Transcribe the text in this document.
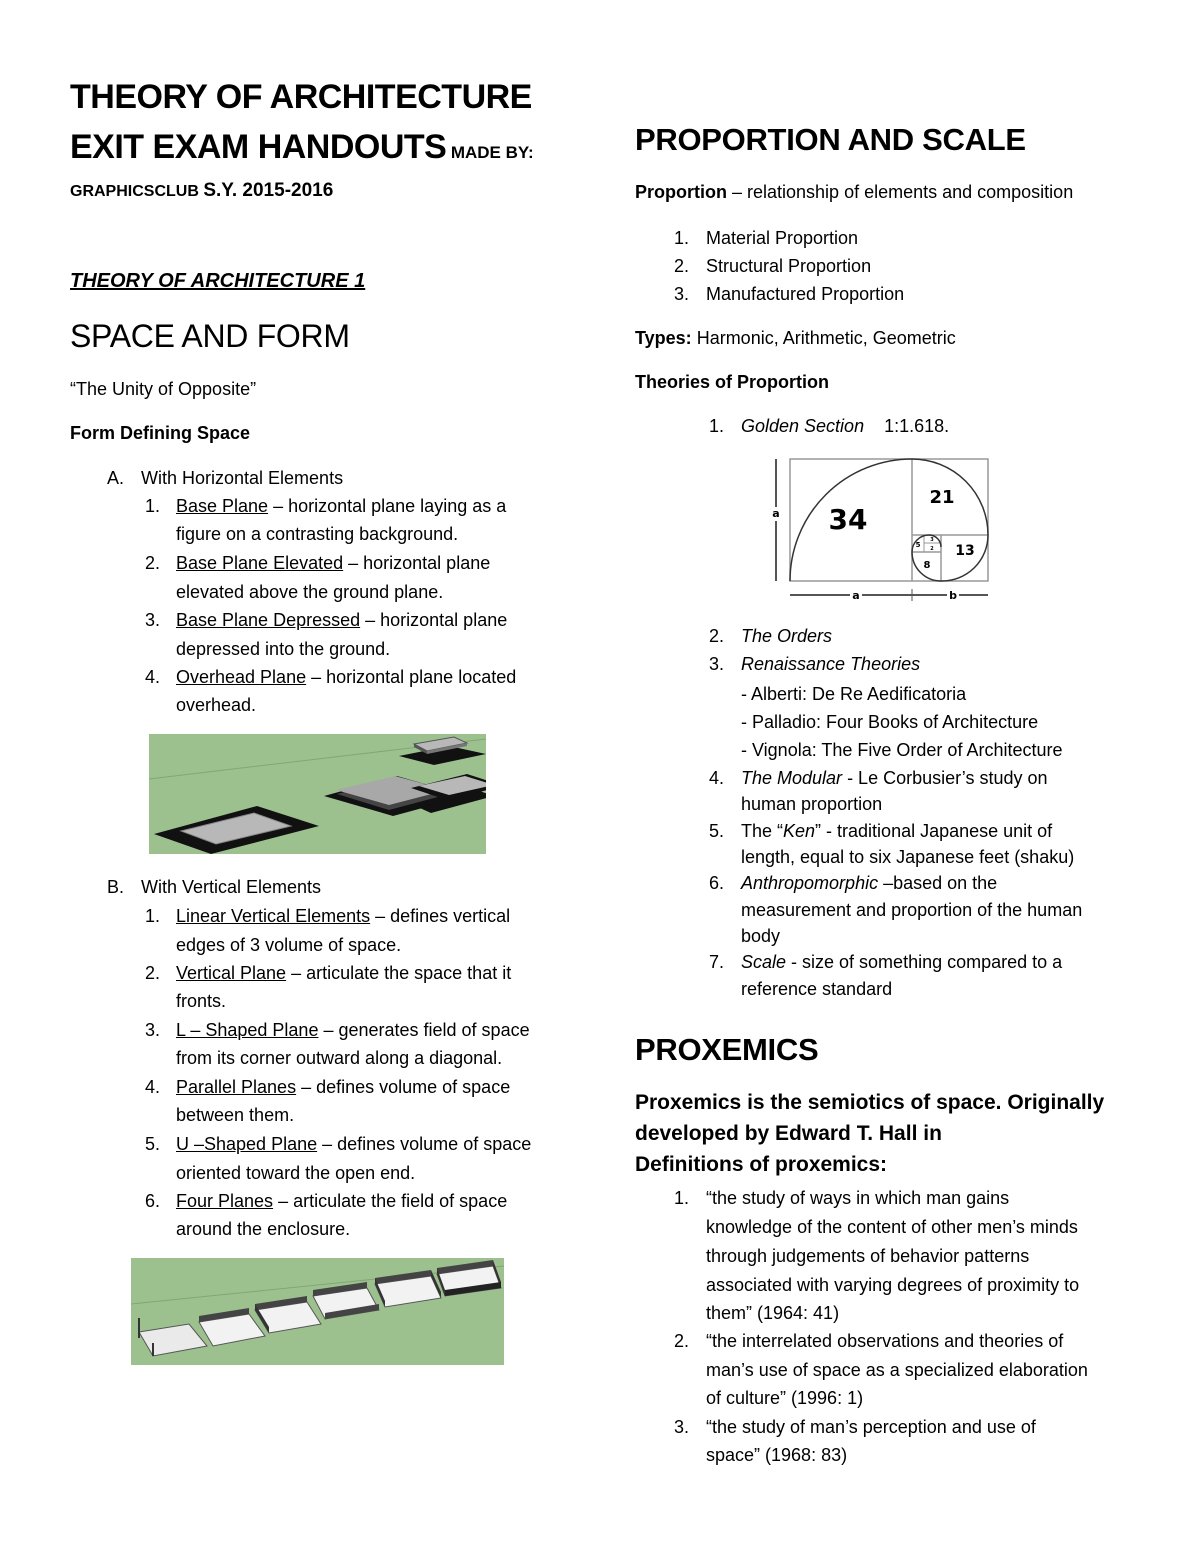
THEORY OF ARCHITECTURE
EXIT EXAM HANDOUTS MADE BY:
GRAPHICSCLUB S.Y. 2015-2016
THEORY OF ARCHITECTURE 1
SPACE AND FORM
“The Unity of Opposite”
Form Defining Space
A. With Horizontal Elements
1. Base Plane – horizontal plane laying as a
figure on a contrasting background.
2. Base Plane Elevated – horizontal plane
elevated above the ground plane.
3. Base Plane Depressed – horizontal plane
depressed into the ground.
4. Overhead Plane – horizontal plane located
overhead.
B. With Vertical Elements
1. Linear Vertical Elements – defines vertical
edges of 3 volume of space.
2. Vertical Plane – articulate the space that it
fronts.
3. L – Shaped Plane – generates field of space
from its corner outward along a diagonal.
4. Parallel Planes – defines volume of space
between them.
5. U –Shaped Plane – defines volume of space
oriented toward the open end.
6. Four Planes – articulate the field of space
around the enclosure.
PROPORTION AND SCALE
Proportion – relationship of elements and composition
1. Material Proportion
2. Structural Proportion
3. Manufactured Proportion
Types: Harmonic, Arithmetic, Geometric
Theories of Proportion
1. Golden Section 1:1.618.
34
21
13
8
5
3
2
a
a	b
2. The Orders
3. Renaissance Theories
- Alberti: De Re Aedificatoria
- Palladio: Four Books of Architecture
- Vignola: The Five Order of Architecture
4. The Modular - Le Corbusier’s study on
human proportion
5. The “Ken” - traditional Japanese unit of
length, equal to six Japanese feet (shaku)
6. Anthropomorphic –based on the
measurement and proportion of the human
body
7. Scale - size of something compared to a
reference standard
PROXEMICS
Proxemics is the semiotics of space. Originally
developed by Edward T. Hall in
Definitions of proxemics:
1. “the study of ways in which man gains
knowledge of the content of other men’s minds
through judgements of behavior patterns
associated with varying degrees of proximity to
them” (1964: 41)
2. “the interrelated observations and theories of
man’s use of space as a specialized elaboration
of culture” (1996: 1)
3. “the study of man’s perception and use of
space” (1968: 83)
